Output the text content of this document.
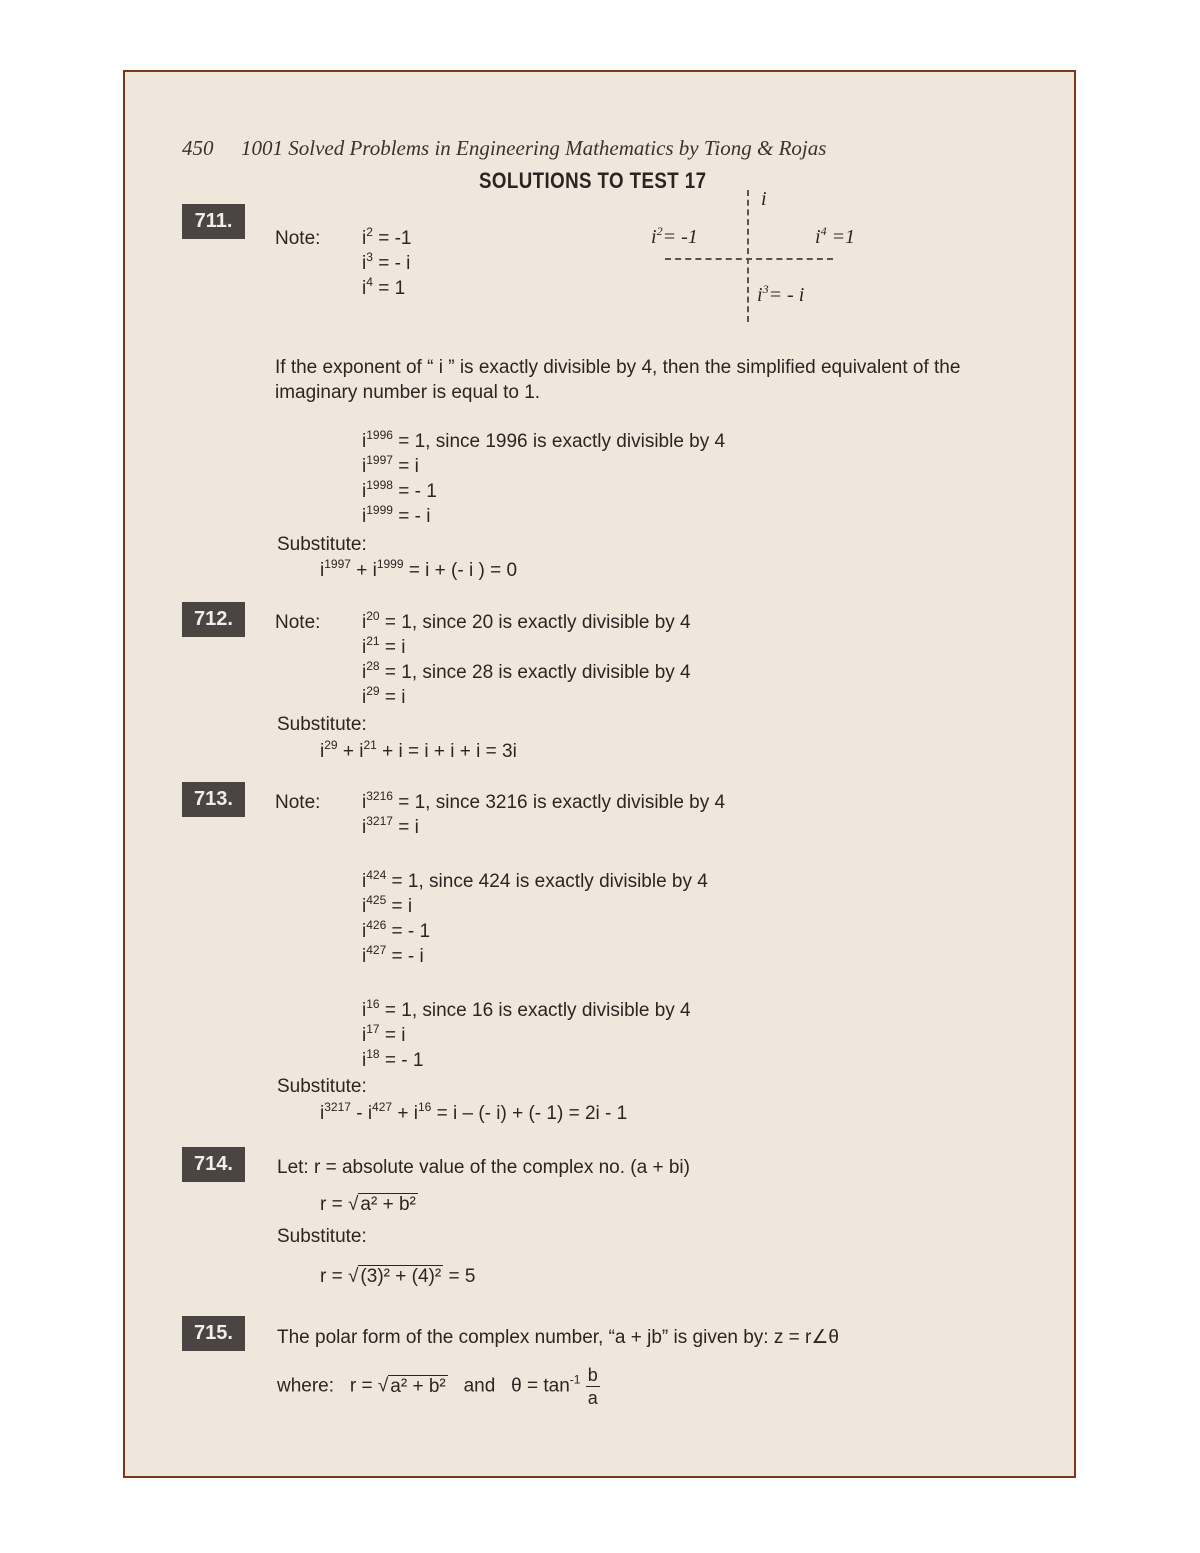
450 1001 Solved Problems in Engineering Mathematics by Tiong & Rojas
SOLUTIONS TO TEST 17
i
$i^2= -1$	$i^4 =1$
$i^3= - i$
711.
Note: $i^2 = -1$
$i^3$ = - i
$i^4 = 1$
If the exponent of “ i ” is exactly divisible by 4, then the simplified equivalent of the imaginary number is equal to 1.
$i^{1996} = 1$, since 1996 is exactly divisible by 4
$i^{1997} = i$
$i^{1998}$ = - 1
$i^{1999}$ = - i
Substitute:
$i^{1997} + i^{1999} = i$ + (- i ) = 0
712.	Note: $i^{20} = 1$, since 20 is exactly divisible by 4
$i^{21} = i$
$i^{28} = 1$, since 28 is exactly divisible by 4
$i^{29} = i$
Substitute:
$i^{29} + i^{21} + i = i + i + i = 3i$
713.	Note: $i^{3216} = 1$, since 3216 is exactly divisible by 4
$i^{3217} = i$
$i^{424} = 1$, since 424 is exactly divisible by 4
$i^{425} = i$
$i^{426}$ = - 1
$i^{427}$ = - i
$i^{16} = 1$, since 16 is exactly divisible by 4
$i^{17} = i$
$i^{18}$ = - 1
Substitute:
$i^{3217} - i^{427} + i^{16} = i$ – (- i) + (- 1) = 2i - 1
714.	Let: r = absolute value of the complex no. (a + bi)
r = √ a² + b²
Substitute:
r = √ (3)² + (4)² = 5
715.	The polar form of the complex number, “a + jb” is given by: z = r∠θ
where: r = √ a² + b² and $\theta = \tan^{-1} \frac{b}{a}$
